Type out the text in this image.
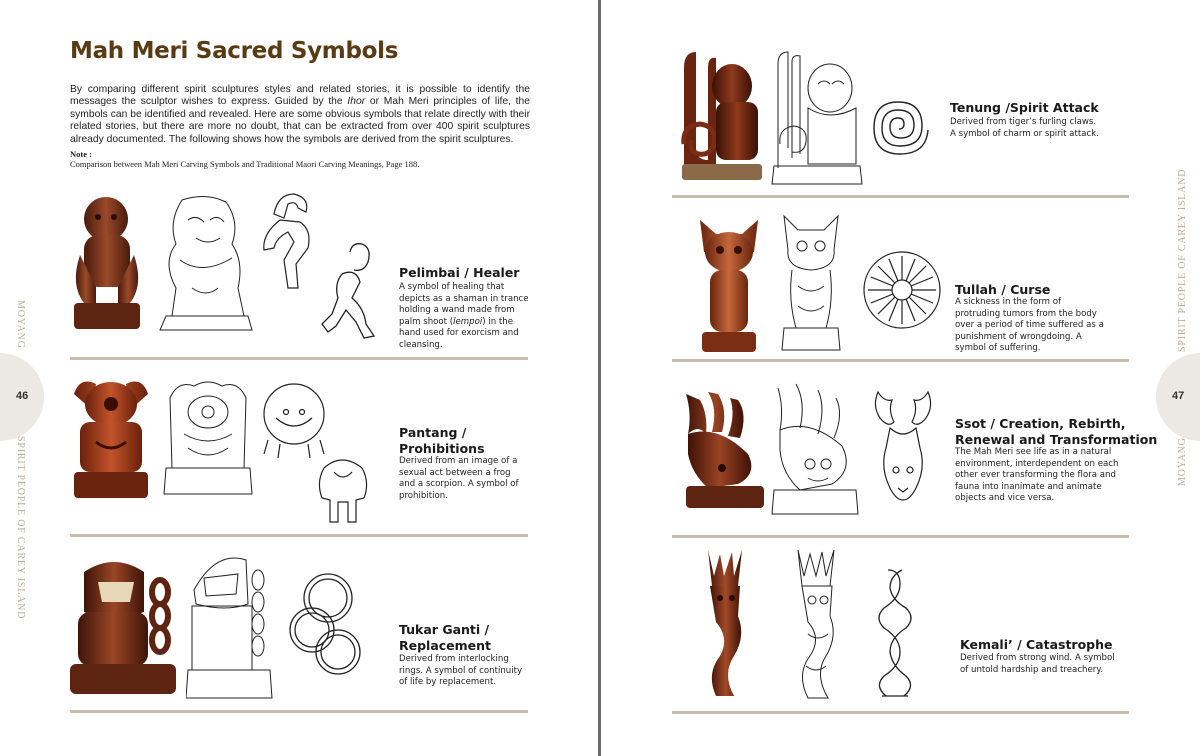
Mah Meri Sacred Symbols
By comparing different spirit sculptures styles and related stories, it is possible to identify the messages the sculptor wishes to express. Guided by the Ihor or Mah Meri principles of life, the symbols can be identified and revealed. Here are some obvious symbols that relate directly with their related stories, but there are more no doubt, that can be extracted from over 400 spirit sculptures already documented. The following shows how the symbols are derived from the spirit sculptures.
Note :
Comparison between Mah Meri Carving Symbols and Traditional Maori Carving Meanings, Page 188.
46
MOYANG
SPIRIT PEOPLE OF CAREY ISLAND
Pelimbai / Healer
A symbol of healing that depicts as a shaman in trance holding a wand made from palm shoot (lempoi) in the hand used for exorcism and cleansing.
Pantang /
Prohibitions
Derived from an image of a sexual act between a frog and a scorpion. A symbol of prohibition.
Tukar Ganti /
Replacement
Derived from interlocking rings. A symbol of continuity of life by replacement.
47
SPIRIT PEOPLE OF CAREY ISLAND
MOYANG
Tenung /Spirit Attack
Derived from tiger’s furling claws. A symbol of charm or spirit attack.
Tullah / Curse
A sickness in the form of protruding tumors from the body over a period of time suffered as a punishment of wrongdoing. A symbol of suffering.
Ssot / Creation, Rebirth,
Renewal and Transformation
The Mah Meri see life as in a natural environment, interdependent on each other ever transforming the flora and fauna into inanimate and animate objects and vice versa.
Kemali’ / Catastrophe
Derived from strong wind. A symbol of untold hardship and treachery.
